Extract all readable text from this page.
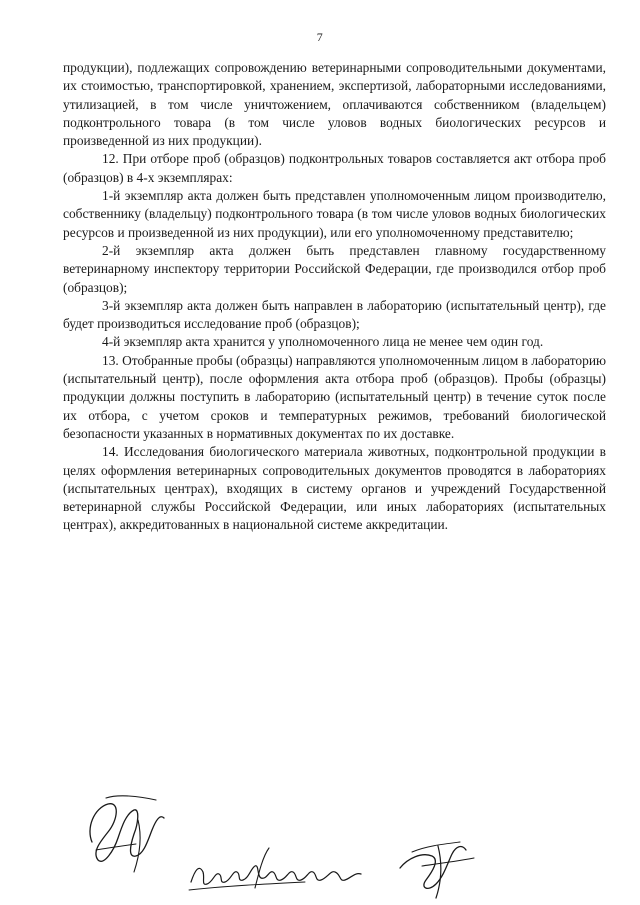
7

продукции), подлежащих сопровождению ветеринарными сопроводительными документами, их стоимостью, транспортировкой, хранением, экспертизой, лабораторными исследованиями, утилизацией, в том числе уничтожением, оплачиваются собственником (владельцем) подконтрольного товара (в том числе уловов водных биологических ресурсов и произведенной из них продукции).

12. При отборе проб (образцов) подконтрольных товаров составляется акт отбора проб (образцов) в 4-х экземплярах:

1-й экземпляр акта должен быть представлен уполномоченным лицом производителю, собственнику (владельцу) подконтрольного товара (в том числе уловов водных биологических ресурсов и произведенной из них продукции), или его уполномоченному представителю;

2-й экземпляр акта должен быть представлен главному государственному ветеринарному инспектору территории Российской Федерации, где производился отбор проб (образцов);

3-й экземпляр акта должен быть направлен в лабораторию (испытательный центр), где будет производиться исследование проб (образцов);

4-й экземпляр акта хранится у уполномоченного лица не менее чем один год.

13. Отобранные пробы (образцы) направляются уполномоченным лицом в лабораторию (испытательный центр), после оформления акта отбора проб (образцов). Пробы (образцы) продукции должны поступить в лабораторию (испытательный центр) в течение суток после их отбора, с учетом сроков и температурных режимов, требований биологической безопасности указанных в нормативных документах по их доставке.

14. Исследования биологического материала животных, подконтрольной продукции в целях оформления ветеринарных сопроводительных документов проводятся в лабораториях (испытательных центрах), входящих в систему органов и учреждений Государственной ветеринарной службы Российской Федерации, или иных лабораториях (испытательных центрах), аккредитованных в национальной системе аккредитации.
